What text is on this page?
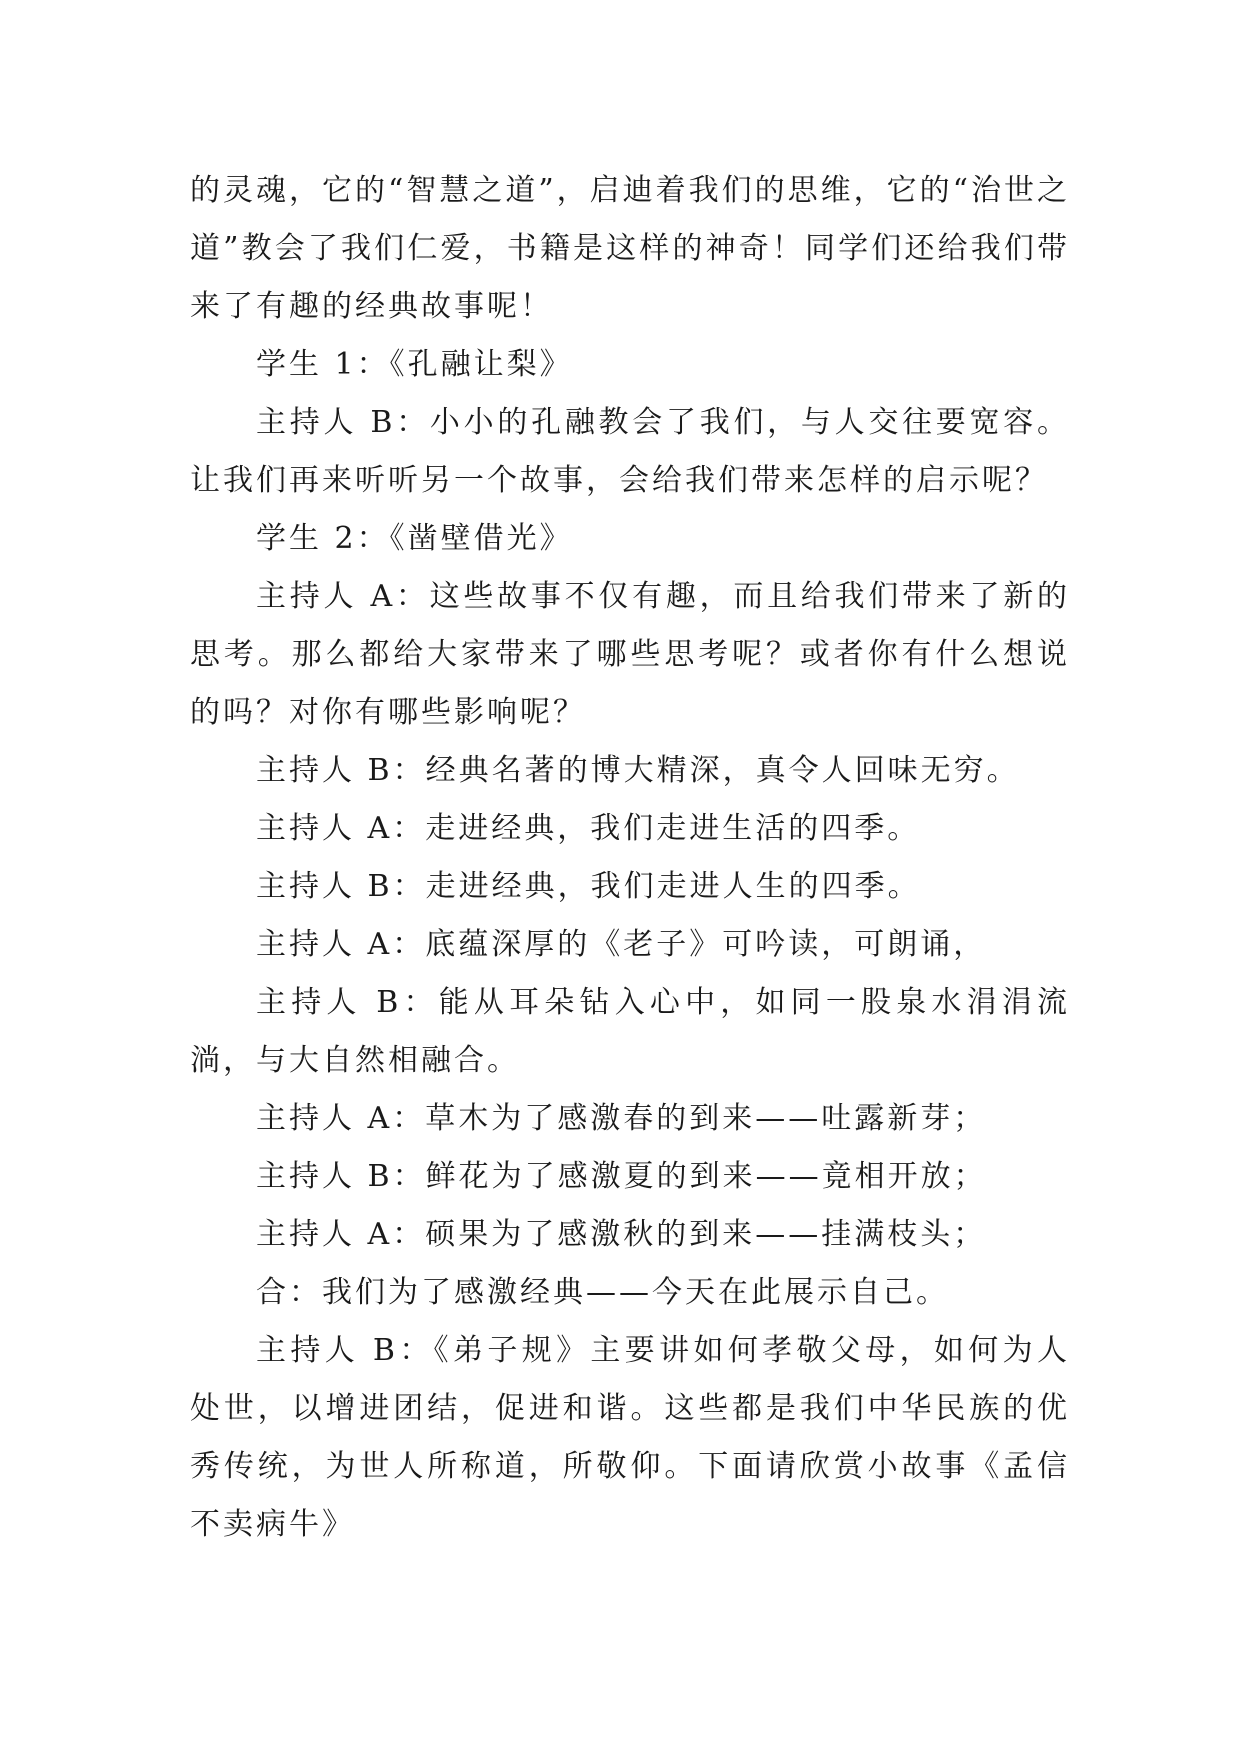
的灵魂，它的“智慧之道”，启迪着我们的思维，它的“治世之道”教会了我们仁爱，书籍是这样的神奇！同学们还给我们带来了有趣的经典故事呢！

学生 1：《孔融让梨》

主持人 B：小小的孔融教会了我们，与人交往要宽容。让我们再来听听另一个故事，会给我们带来怎样的启示呢？

学生 2：《凿壁借光》

主持人 A：这些故事不仅有趣，而且给我们带来了新的思考。那么都给大家带来了哪些思考呢？或者你有什么想说的吗？对你有哪些影响呢？

主持人 B：经典名著的博大精深，真令人回味无穷。

主持人 A：走进经典，我们走进生活的四季。

主持人 B：走进经典，我们走进人生的四季。

主持人 A：底蕴深厚的《老子》可吟读，可朗诵，

主持人 B：能从耳朵钻入心中，如同一股泉水涓涓流淌，与大自然相融合。

主持人 A：草木为了感激春的到来——吐露新芽；

主持人 B：鲜花为了感激夏的到来——竟相开放；

主持人 A：硕果为了感激秋的到来——挂满枝头；

合：我们为了感激经典——今天在此展示自己。

主持人 B：《弟子规》主要讲如何孝敬父母，如何为人处世，以增进团结，促进和谐。这些都是我们中华民族的优秀传统，为世人所称道，所敬仰。下面请欣赏小故事《孟信不卖病牛》
